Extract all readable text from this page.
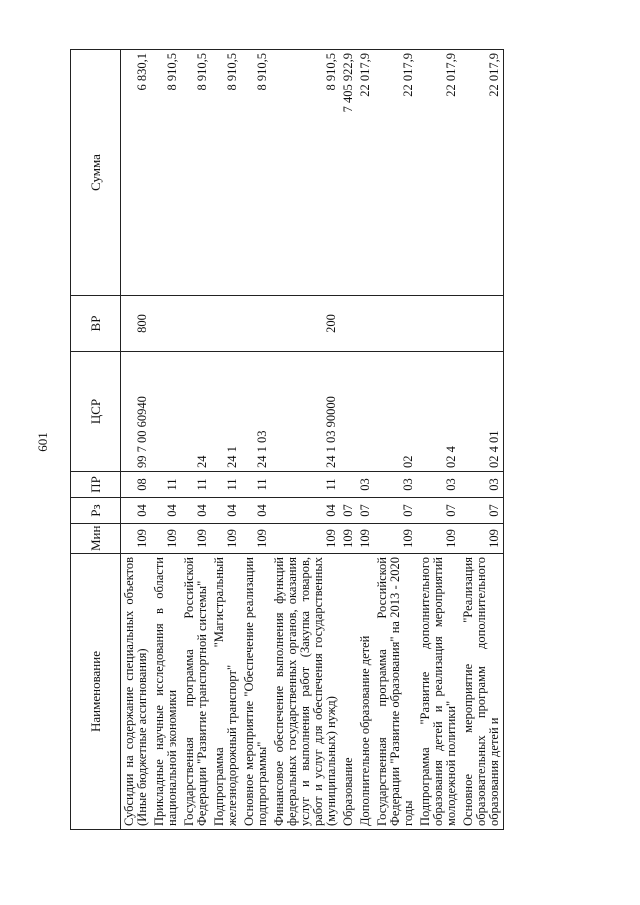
601
Наименование	Мин	Рз	ПР	ЦСР	ВР	Сумма
Субсидии на содержание специальных объектов (Иные бюджетные ассигнования)	109	04	08	99 7 00 60940	800	6 830,1
Прикладные научные исследования в области национальной экономики	109	04	11			8 910,5
Государственная программа Российской Федерации "Развитие транспортной системы"	109	04	11	24		8 910,5
Подпрограмма "Магистральный железнодорожный транспорт"	109	04	11	24 1		8 910,5
Основное мероприятие "Обеспечение реализации подпрограммы"	109	04	11	24 1 03		8 910,5
Финансовое обеспечение выполнения функций федеральных государственных органов, оказания услуг и выполнения работ (Закупка товаров, работ и услуг для обеспечения государственных (муниципальных) нужд)	109	04	11	24 1 03 90000	200	8 910,5
Образование	109	07				7 405 922,9
Дополнительное образование детей	109	07	03			22 017,9
Государственная программа Российской Федерации "Развитие образования" на 2013 - 2020 годы	109	07	03	02		22 017,9
Подпрограмма "Развитие дополнительного образования детей и реализация мероприятий молодежной политики"	109	07	03	02 4		22 017,9
Основное мероприятие "Реализация образовательных программ дополнительного образования детей и	109	07	03	02 4 01		22 017,9
